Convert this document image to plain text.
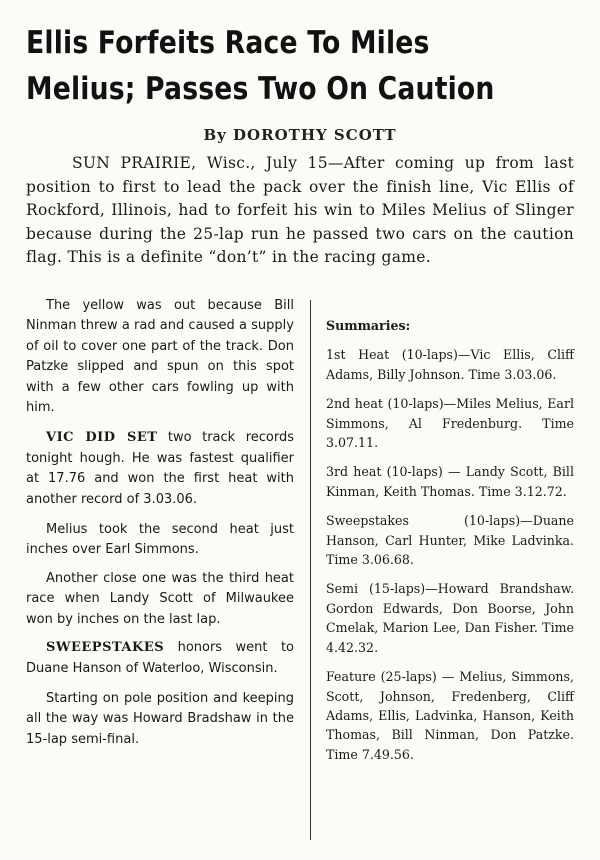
Ellis Forfeits Race To Miles
Melius; Passes Two On Caution

By DOROTHY SCOTT

SUN PRAIRIE, Wisc., July 15—After coming up from last position to first to lead the pack over the finish line, Vic Ellis of Rockford, Illinois, had to forfeit his win to Miles Melius of Slinger because during the 25-lap run he passed two cars on the caution flag. This is a definite “don’t” in the racing game.

The yellow was out because Bill Ninman threw a rad and caused a supply of oil to cover one part of the track. Don Patzke slipped and spun on this spot with a few other cars fowling up with him.

VIC DID SET two track records tonight hough. He was fastest qualifier at 17.76 and won the first heat with another record of 3.03.06.

Melius took the second heat just inches over Earl Simmons.

Another close one was the third heat race when Landy Scott of Milwaukee won by inches on the last lap.

SWEEPSTAKES honors went to Duane Hanson of Waterloo, Wisconsin.

Starting on pole position and keeping all the way was Howard Bradshaw in the 15-lap semi-final.

Summaries:

1st Heat (10-laps)—Vic Ellis, Cliff Adams, Billy Johnson. Time 3.03.06.

2nd heat (10-laps)—Miles Melius, Earl Simmons, Al Fredenburg. Time 3.07.11.

3rd heat (10-laps) — Landy Scott, Bill Kinman, Keith Thomas. Time 3.12.72.

Sweepstakes (10-laps)—Duane Hanson, Carl Hunter, Mike Ladvinka. Time 3.06.68.

Semi (15-laps)—Howard Brandshaw. Gordon Edwards, Don Boorse, John Cmelak, Marion Lee, Dan Fisher. Time 4.42.32.

Feature (25-laps) — Melius, Simmons, Scott, Johnson, Fredenberg, Cliff Adams, Ellis, Ladvinka, Hanson, Keith Thomas, Bill Ninman, Don Patzke. Time 7.49.56.
